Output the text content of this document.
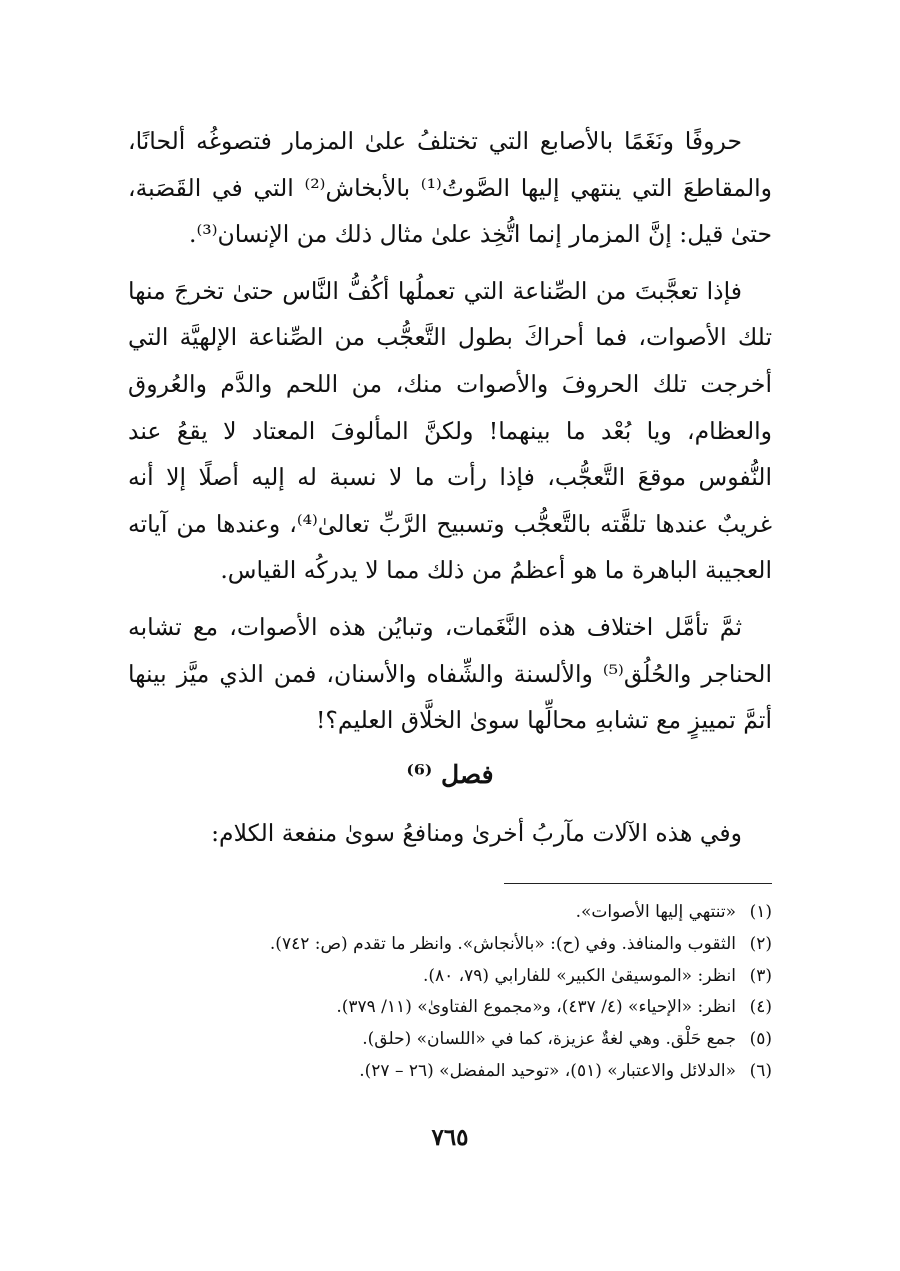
حروفًا ونَغَمًا بالأصابع التي تختلفُ علىٰ المزمار فتصوغُه ألحانًا، والمقاطعَ التي ينتهي إليها الصَّوتُ⁽¹⁾ بالأبخاش⁽²⁾ التي في القَصَبة، حتىٰ قيل: إنَّ المزمار إنما اتُّخِذ علىٰ مثال ذلك من الإنسان⁽³⁾.

فإذا تعجَّبتَ من الصِّناعة التي تعملُها أكُفُّ النَّاس حتىٰ تخرجَ منها تلك الأصوات، فما أحراكَ بطول التَّعجُّب من الصِّناعة الإلهيَّة التي أخرجت تلك الحروفَ والأصوات منك، من اللحم والدَّم والعُروق والعظام، ويا بُعْد ما بينهما! ولكنَّ المألوفَ المعتاد لا يقعُ عند النُّفوس موقعَ التَّعجُّب، فإذا رأت ما لا نسبة له إليه أصلًا إلا أنه غريبٌ عندها تلقَّته بالتَّعجُّب وتسبيح الرَّبِّ تعالىٰ⁽⁴⁾، وعندها من آياته العجيبة الباهرة ما هو أعظمُ من ذلك مما لا يدركُه القياس.

ثمَّ تأمَّل اختلاف هذه النَّغَمات، وتبايُن هذه الأصوات، مع تشابه الحناجر والحُلُق⁽⁵⁾ والألسنة والشِّفاه والأسنان، فمن الذي ميَّز بينها أتمَّ تمييزٍ مع تشابهِ محالِّها سوىٰ الخلَّاق العليم؟!

فصل ⁽⁶⁾
وفي هذه الآلات مآربُ أخرىٰ ومنافعُ سوىٰ منفعة الكلام:
(١)
«تنتهي إليها الأصوات».
(٢)
الثقوب والمنافذ. وفي (ح): «بالأنجاش». وانظر ما تقدم (ص: ٧٤٢).
(٣)
انظر: «الموسيقىٰ الكبير» للفارابي (٧٩، ٨٠).
(٤)
انظر: «الإحياء» (٤/ ٤٣٧)، و«مجموع الفتاوىٰ» (١١/ ٣٧٩).
(٥)
جمع حَلْق. وهي لغةٌ عزيزة، كما في «اللسان» (حلق).
(٦)
«الدلائل والاعتبار» (٥١)، «توحيد المفضل» (٢٦ – ٢٧).
٧٦٥
